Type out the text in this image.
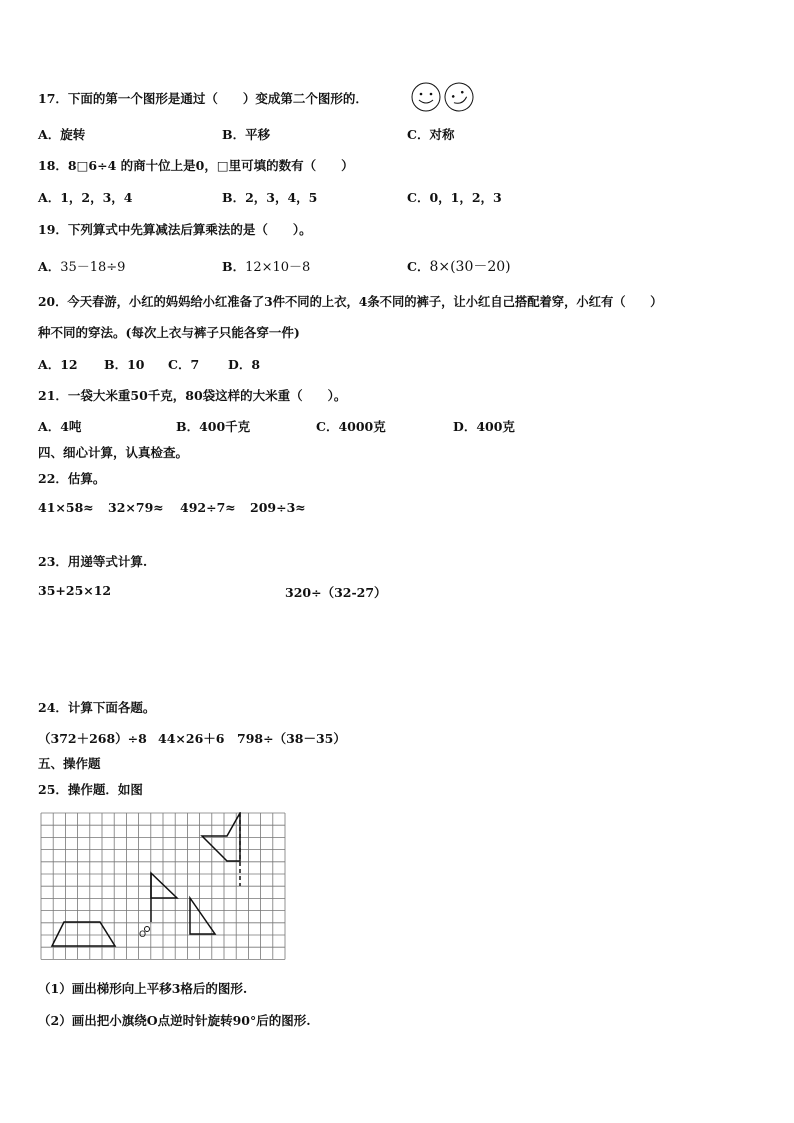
17．下面的第一个图形是通过（　　）变成第二个图形的．
A．旋转	B．平移	C．对称
18．8□6÷4 的商十位上是0，□里可填的数有（　　）
A．1，2，3，4	B．2，3，4，5	C．0，1，2，3
19．下列算式中先算减法后算乘法的是（　　）。
A．35－18÷9	B．12×10－8	C．8×(30－20)
20．今天春游，小红的妈妈给小红准备了3件不同的上衣，4条不同的裤子，让小红自己搭配着穿，小红有（　　）
种不同的穿法。(每次上衣与裤子只能各穿一件)
A．12 B．10 C．7 D．8
21．一袋大米重50千克，80袋这样的大米重（　　）。
A．4吨	B．400千克	C．4000克	D．400克
四、细心计算，认真检查。
22．估算。
41×58≈ 32×79≈ 492÷7≈ 209÷3≈
23．用递等式计算.
35+25×12	320÷（32-27）
24．计算下面各题。
（372＋268）÷8 44×26＋6 798÷（38－35）
五、操作题
25．操作题．如图
O
（1）画出梯形向上平移3格后的图形.
（2）画出把小旗绕O点逆时针旋转90°后的图形.
